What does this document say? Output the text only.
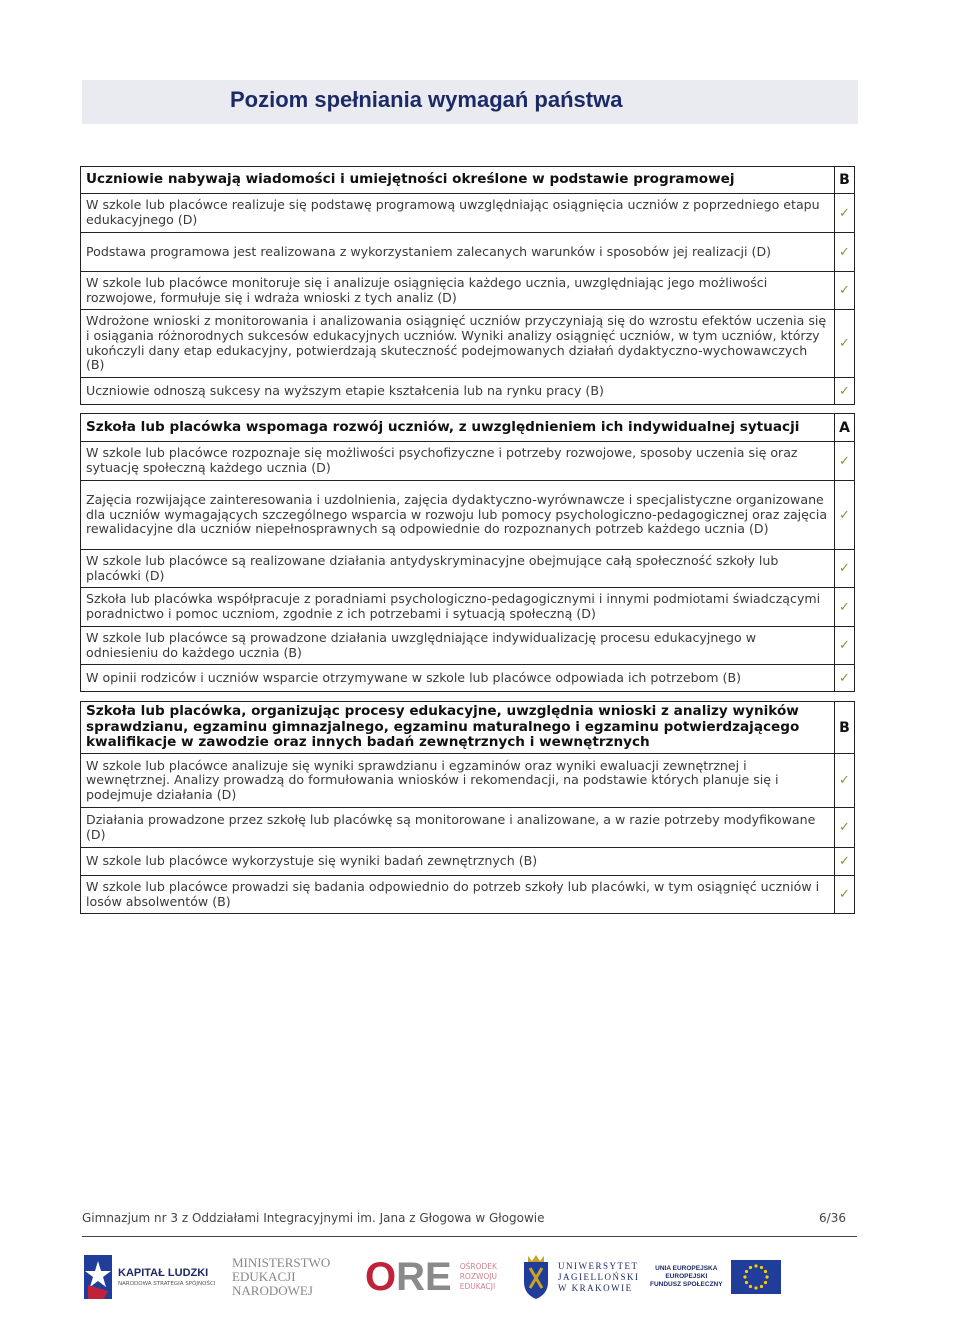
Poziom spełniania wymagań państwa
Uczniowie nabywają wiadomości i umiejętności określone w podstawie programowej	B
W szkole lub placówce realizuje się podstawę programową uwzględniając osiągnięcia uczniów z poprzedniego etapu edukacyjnego (D)	✓
Podstawa programowa jest realizowana z wykorzystaniem zalecanych warunków i sposobów jej realizacji (D)	✓
W szkole lub placówce monitoruje się i analizuje osiągnięcia każdego ucznia, uwzględniając jego możliwości rozwojowe, formułuje się i wdraża wnioski z tych analiz (D)	✓
Wdrożone wnioski z monitorowania i analizowania osiągnięć uczniów przyczyniają się do wzrostu efektów uczenia się i osiągania różnorodnych sukcesów edukacyjnych uczniów. Wyniki analizy osiągnięć uczniów, w tym uczniów, którzy ukończyli dany etap edukacyjny, potwierdzają skuteczność podejmowanych działań dydaktyczno-wychowawczych (B)	✓
Uczniowie odnoszą sukcesy na wyższym etapie kształcenia lub na rynku pracy (B)	✓
Szkoła lub placówka wspomaga rozwój uczniów, z uwzględnieniem ich indywidualnej sytuacji	A
W szkole lub placówce rozpoznaje się możliwości psychofizyczne i potrzeby rozwojowe, sposoby uczenia się oraz sytuację społeczną każdego ucznia (D)	✓
Zajęcia rozwijające zainteresowania i uzdolnienia, zajęcia dydaktyczno-wyrównawcze i specjalistyczne organizowane dla uczniów wymagających szczególnego wsparcia w rozwoju lub pomocy psychologiczno-pedagogicznej oraz zajęcia rewalidacyjne dla uczniów niepełnosprawnych są odpowiednie do rozpoznanych potrzeb każdego ucznia (D)	✓
W szkole lub placówce są realizowane działania antydyskryminacyjne obejmujące całą społeczność szkoły lub placówki (D)	✓
Szkoła lub placówka współpracuje z poradniami psychologiczno-pedagogicznymi i innymi podmiotami świadczącymi poradnictwo i pomoc uczniom, zgodnie z ich potrzebami i sytuacją społeczną (D)	✓
W szkole lub placówce są prowadzone działania uwzględniające indywidualizację procesu edukacyjnego w odniesieniu do każdego ucznia (B)	✓
W opinii rodziców i uczniów wsparcie otrzymywane w szkole lub placówce odpowiada ich potrzebom (B)	✓
Szkoła lub placówka, organizując procesy edukacyjne, uwzględnia wnioski z analizy wyników sprawdzianu, egzaminu gimnazjalnego, egzaminu maturalnego i egzaminu potwierdzającego kwalifikacje w zawodzie oraz innych badań zewnętrznych i wewnętrznych	B
W szkole lub placówce analizuje się wyniki sprawdzianu i egzaminów oraz wyniki ewaluacji zewnętrznej i wewnętrznej. Analizy prowadzą do formułowania wniosków i rekomendacji, na podstawie których planuje się i podejmuje działania (D)	✓
Działania prowadzone przez szkołę lub placówkę są monitorowane i analizowane, a w razie potrzeby modyfikowane (D)	✓
W szkole lub placówce wykorzystuje się wyniki badań zewnętrznych (B)	✓
W szkole lub placówce prowadzi się badania odpowiednio do potrzeb szkoły lub placówki, w tym osiągnięć uczniów i losów absolwentów (B)	✓
Gimnazjum nr 3 z Oddziałami Integracyjnymi im. Jana z Głogowa w Głogowie	6/36
KAPITAŁ LUDZKI
NARODOWA STRATEGIA SPÓJNOŚCI
MINISTERSTWO
EDUKACJI
NARODOWEJ ORE OŚRODEK
ROZWOJU
EDUKACJI
UNIWERSYTET
JAGIELLOŃSKI
W KRAKOWIE
UNIA EUROPEJSKA
EUROPEJSKI
FUNDUSZ SPOŁECZNY
